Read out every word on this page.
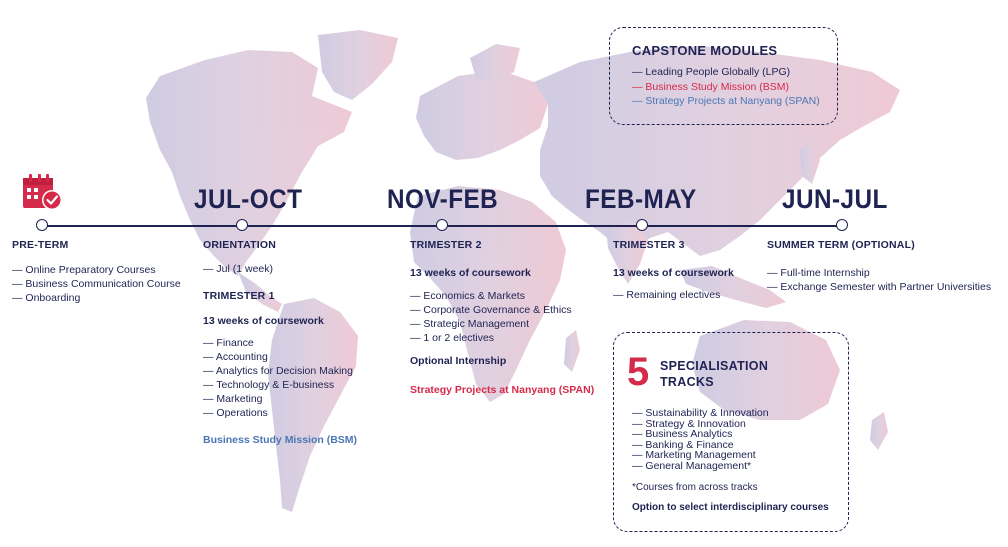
CAPSTONE MODULES
— Leading People Globally (LPG)
— Business Study Mission (BSM)
— Strategy Projects at Nanyang (SPAN)
JUL-OCT	NOV-FEB	FEB-MAY	JUN-JUL
PRE-TERM
— Online Preparatory Courses
— Business Communication Course
— Onboarding
ORIENTATION
— Jul (1 week)
TRIMESTER 1
13 weeks of coursework
— Finance
— Accounting
— Analytics for Decision Making
— Technology & E-business
— Marketing
— Operations
Business Study Mission (BSM)
TRIMESTER 2
13 weeks of coursework
— Economics & Markets
— Corporate Governance & Ethics
— Strategic Management
— 1 or 2 electives
Optional Internship
Strategy Projects at Nanyang (SPAN)
TRIMESTER 3
13 weeks of coursework
— Remaining electives
SUMMER TERM (OPTIONAL)
— Full-time Internship
— Exchange Semester with Partner Universities
5 SPECIALISATION
TRACKS
— Sustainability & Innovation
— Strategy & Innovation
— Business Analytics
— Banking & Finance
— Marketing Management
— General Management*
*Courses from across tracks
Option to select interdisciplinary courses
